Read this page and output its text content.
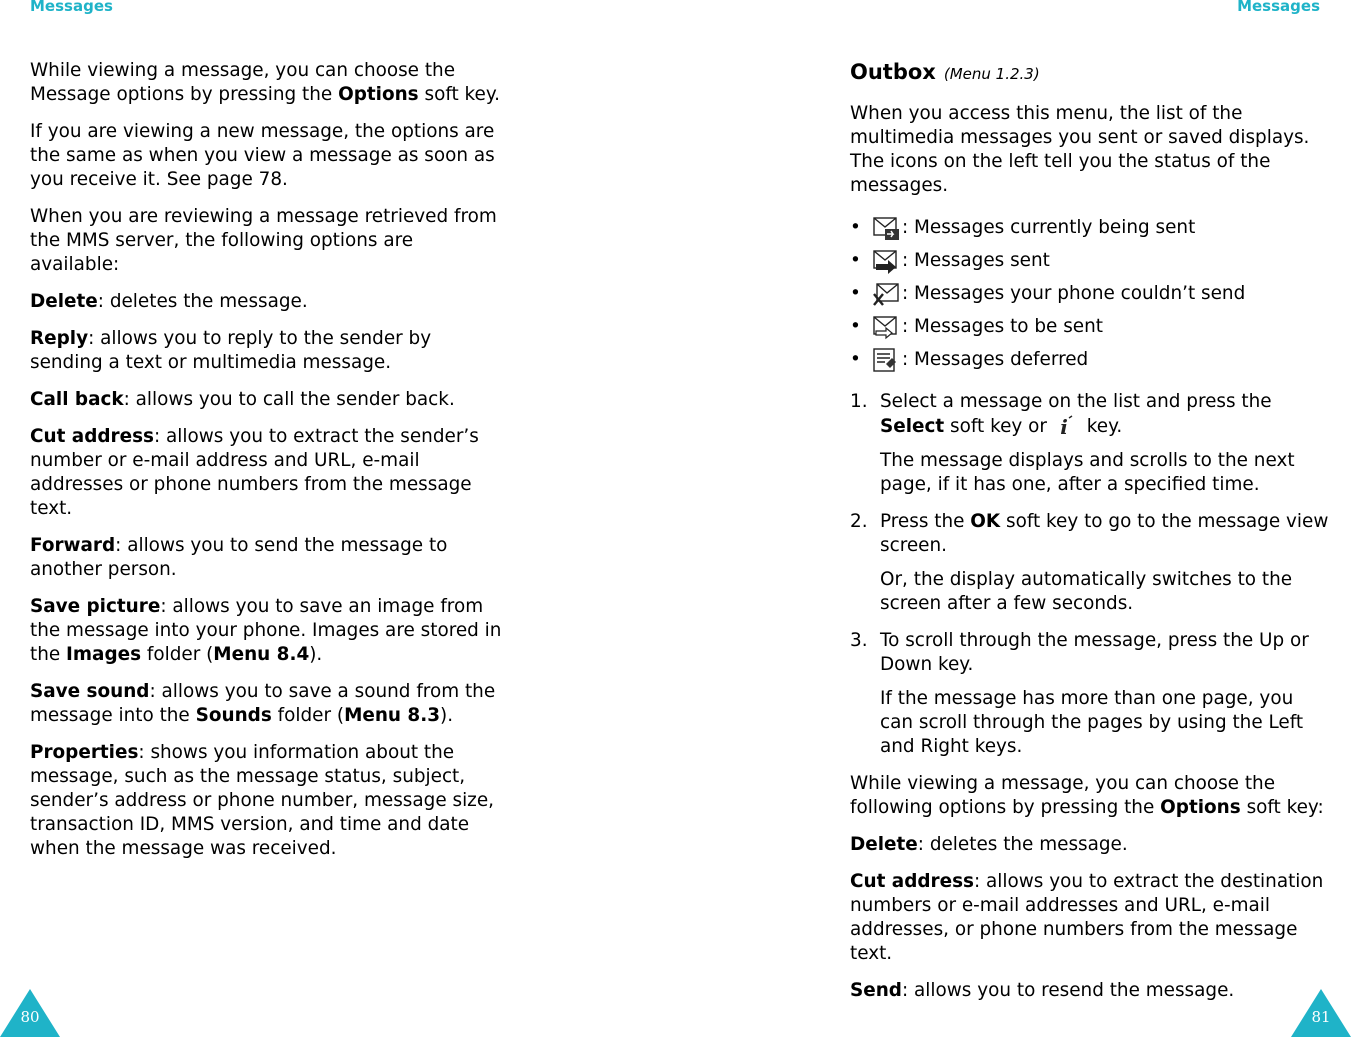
Messages

While viewing a message, you can choose the Message options by pressing the Options soft key.

If you are viewing a new message, the options are the same as when you view a message as soon as you receive it. See page 78.

When you are reviewing a message retrieved from the MMS server, the following options are available:

Delete: deletes the message.

Reply: allows you to reply to the sender by sending a text or multimedia message.

Call back: allows you to call the sender back.

Cut address: allows you to extract the sender’s number or e-mail address and URL, e-mail addresses or phone numbers from the message text.

Forward: allows you to send the message to another person.

Save picture: allows you to save an image from the message into your phone. Images are stored in the Images folder (Menu 8.4).

Save sound: allows you to save a sound from the message into the Sounds folder (Menu 8.3).

Properties: shows you information about the message, such as the message status, subject, sender’s address or phone number, message size, transaction ID, MMS version, and time and date when the message was received.

80
Messages
Outbox (Menu 1.2.3)

When you access this menu, the list of the multimedia messages you sent or saved displays. The icons on the left tell you the status of the messages.

•	: Messages currently being sent
•	: Messages sent
•	: Messages your phone couldn’t send
•	: Messages to be sent
•	: Messages deferred
1. Select a message on the list and press the Select soft key or i key.

The message displays and scrolls to the next page, if it has one, after a specified time.

2. Press the OK soft key to go to the message view screen.

Or, the display automatically switches to the screen after a few seconds.

3. To scroll through the message, press the Up or Down key.

If the message has more than one page, you can scroll through the pages by using the Left and Right keys.

While viewing a message, you can choose the following options by pressing the Options soft key:

Delete: deletes the message.

Cut address: allows you to extract the destination numbers or e-mail addresses and URL, e-mail addresses, or phone numbers from the message text.

Send: allows you to resend the message.

81
